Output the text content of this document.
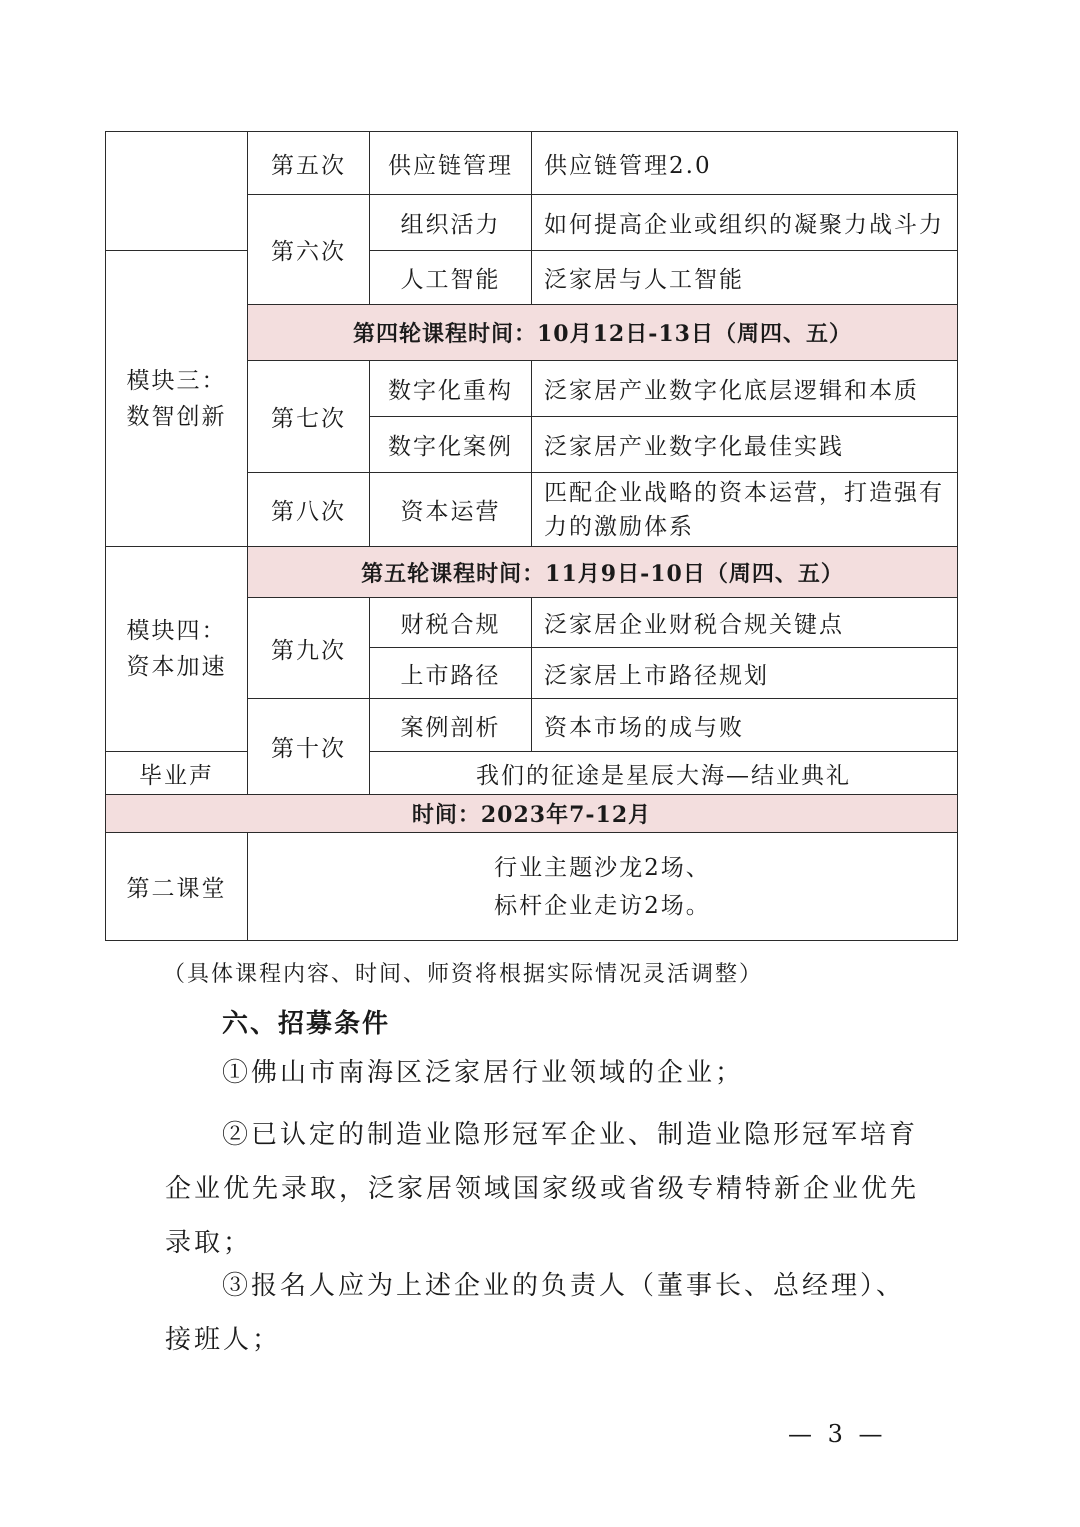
	第五次	供应链管理	供应链管理2.0
	第六次	组织活力	如何提高企业或组织的凝聚力战斗力
模块三：数智创新		人工智能	泛家居与人工智能
	第四轮课程时间：10月12日-13日（周四、五）		
	第七次	数字化重构	泛家居产业数字化底层逻辑和本质
		数字化案例	泛家居产业数字化最佳实践
	第八次	资本运营	匹配企业战略的资本运营，打造强有力的激励体系
模块四：资本加速	第五轮课程时间：11月9日-10日（周四、五）		
	第九次	财税合规	泛家居企业财税合规关键点
		上市路径	泛家居上市路径规划
	第十次	案例剖析	资本市场的成与败
毕业声		我们的征途是星辰大海—结业典礼	
时间：2023年7-12月			
第二课堂	行业主题沙龙2场、
标杆企业走访2场。		
（具体课程内容、时间、师资将根据实际情况灵活调整）
六、招募条件

①佛山市南海区泛家居行业领域的企业；

②已认定的制造业隐形冠军企业、制造业隐形冠军培育企业优先录取，泛家居领域国家级或省级专精特新企业优先录取；

③报名人应为上述企业的负责人（董事长、总经理）、接班人；

— 3 —
